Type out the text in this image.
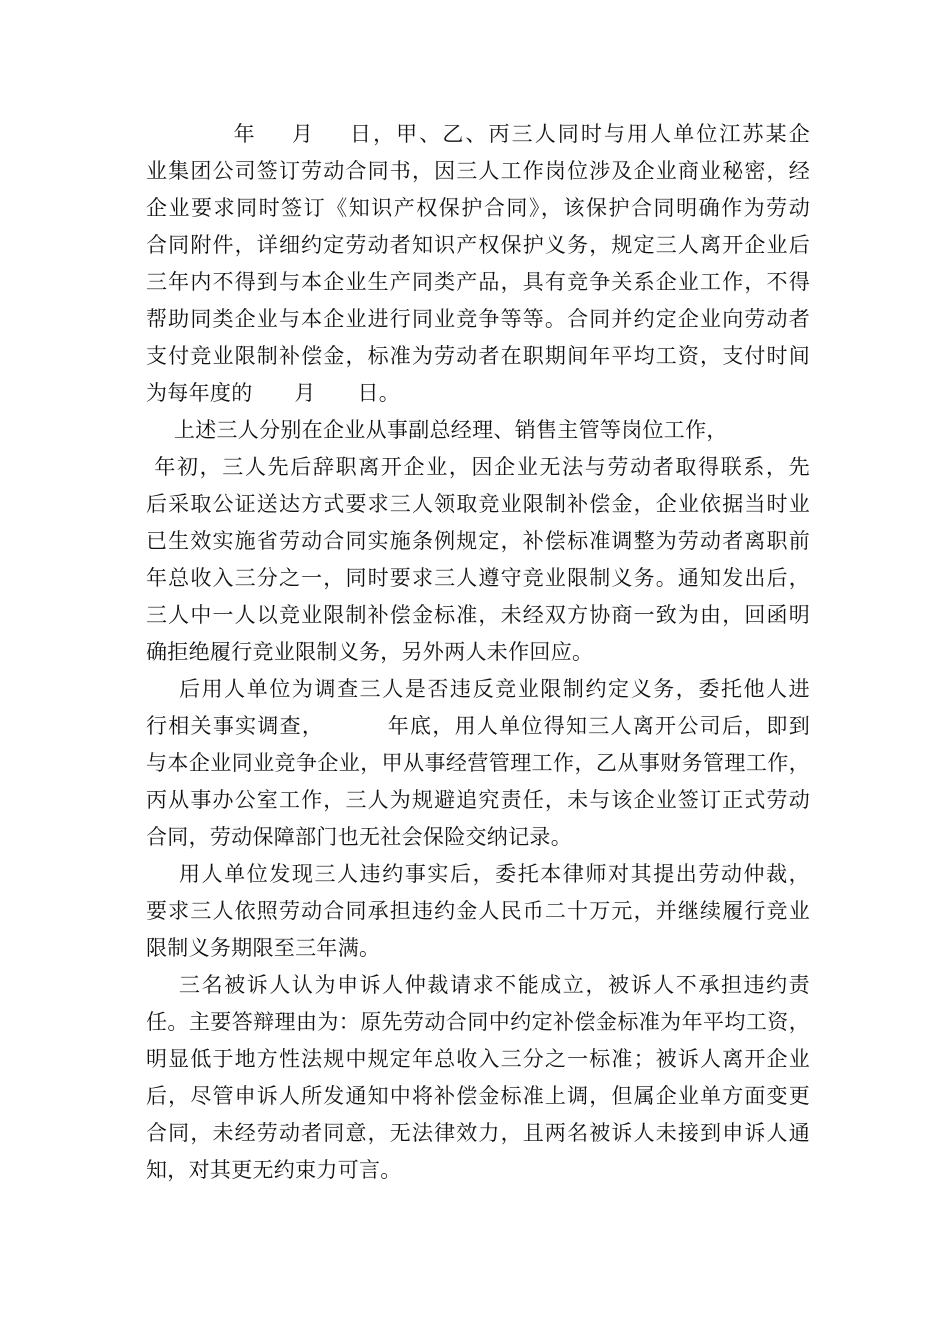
年    月    日，甲、乙、丙三人同时与用人单位江苏某企
业集团公司签订劳动合同书，因三人工作岗位涉及企业商业秘密，经
企业要求同时签订《知识产权保护合同》，该保护合同明确作为劳动
合同附件，详细约定劳动者知识产权保护义务，规定三人离开企业后
三年内不得到与本企业生产同类产品，具有竞争关系企业工作，不得
帮助同类企业与本企业进行同业竞争等等。合同并约定企业向劳动者
支付竞业限制补偿金，标准为劳动者在职期间年平均工资，支付时间
为每年度的      月      日。
上述三人分别在企业从事副总经理、销售主管等岗位工作，
年初，三人先后辞职离开企业，因企业无法与劳动者取得联系，先
后采取公证送达方式要求三人领取竞业限制补偿金，企业依据当时业
已生效实施省劳动合同实施条例规定，补偿标准调整为劳动者离职前
年总收入三分之一，同时要求三人遵守竞业限制义务。通知发出后，
三人中一人以竞业限制补偿金标准，未经双方协商一致为由，回函明
确拒绝履行竞业限制义务，另外两人未作回应。
后用人单位为调查三人是否违反竞业限制约定义务，委托他人进
行相关事实调查，        年底，用人单位得知三人离开公司后，即到
与本企业同业竞争企业，甲从事经营管理工作，乙从事财务管理工作，
丙从事办公室工作，三人为规避追究责任，未与该企业签订正式劳动
合同，劳动保障部门也无社会保险交纳记录。
用人单位发现三人违约事实后，委托本律师对其提出劳动仲裁，
要求三人依照劳动合同承担违约金人民币二十万元，并继续履行竞业
限制义务期限至三年满。
三名被诉人认为申诉人仲裁请求不能成立，被诉人不承担违约责
任。主要答辩理由为：原先劳动合同中约定补偿金标准为年平均工资，
明显低于地方性法规中规定年总收入三分之一标准；被诉人离开企业
后，尽管申诉人所发通知中将补偿金标准上调，但属企业单方面变更
合同，未经劳动者同意，无法律效力，且两名被诉人未接到申诉人通
知，对其更无约束力可言。
